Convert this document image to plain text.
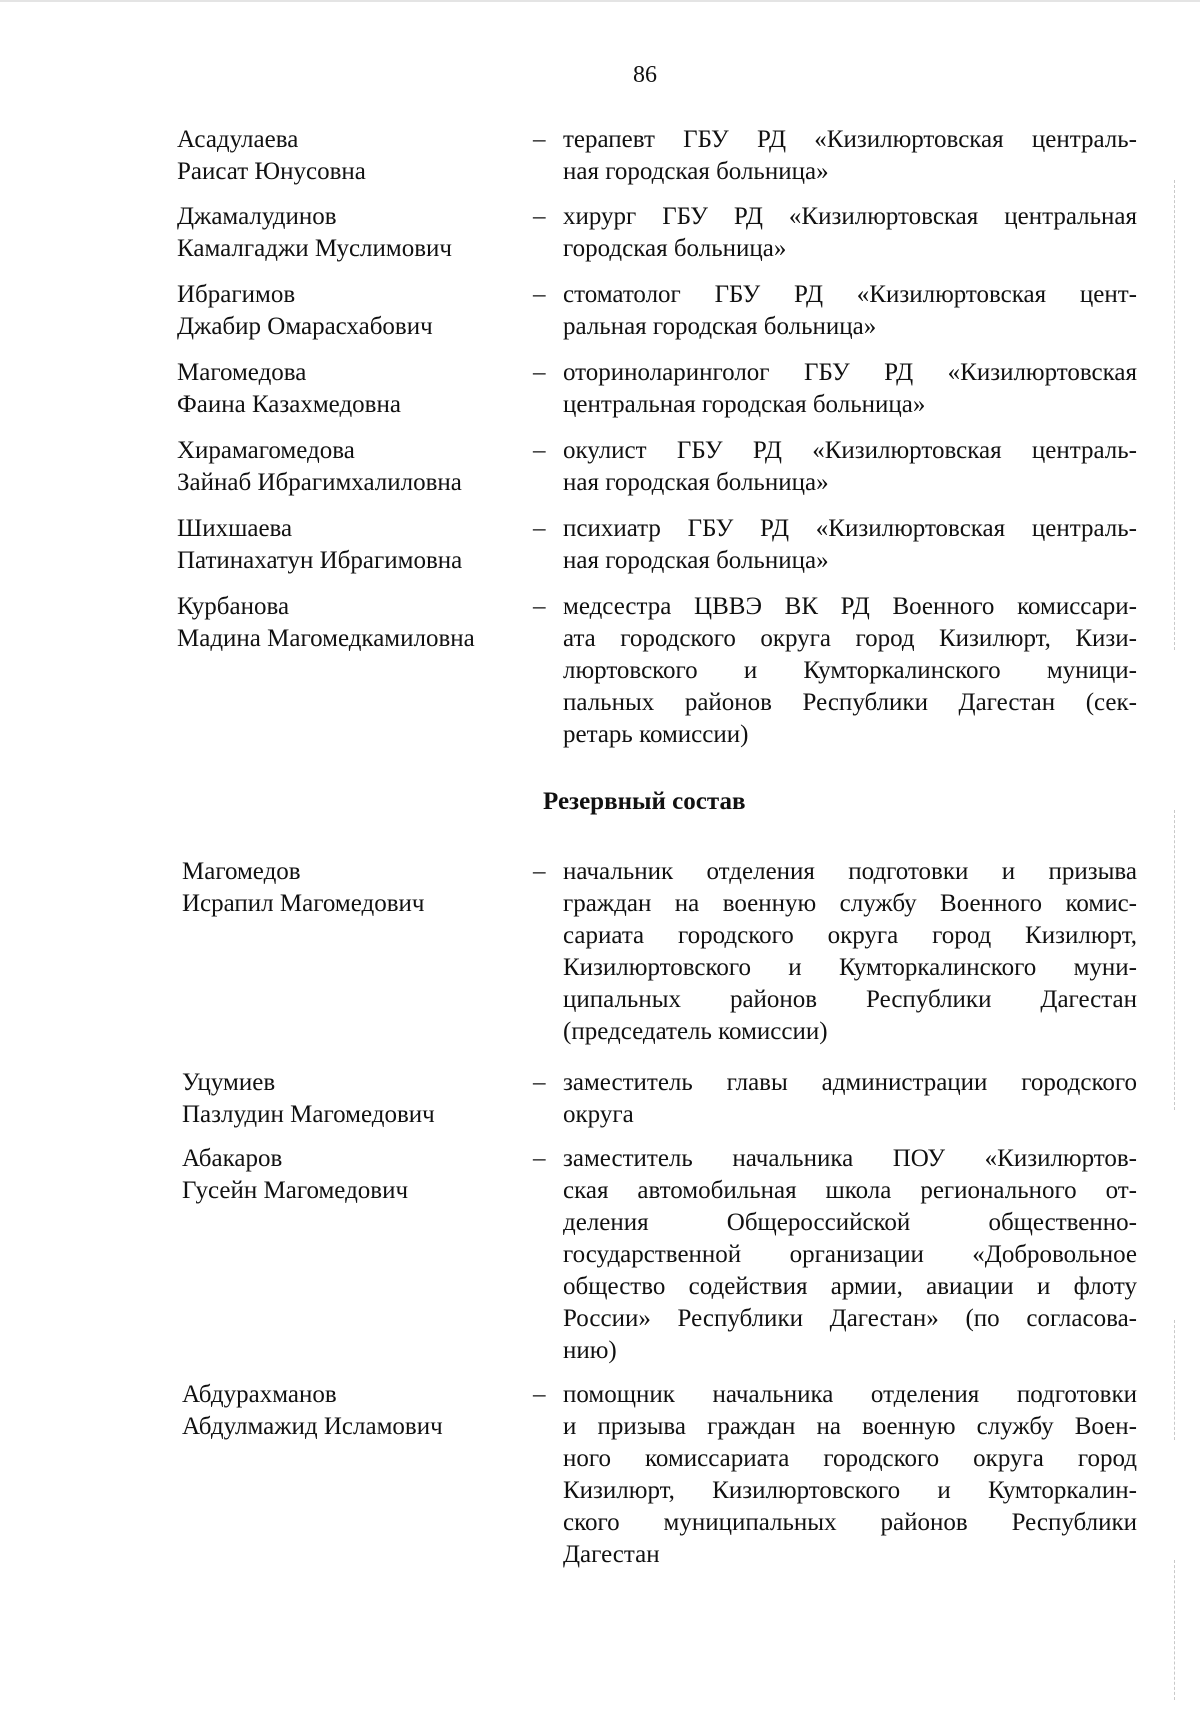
86
Асадулаева
Раисат Юнусовна
– терапевт ГБУ РД «Кизилюртовская централь-
ная городская больница»
Джамалудинов
Камалгаджи Муслимович
– хирург ГБУ РД «Кизилюртовская центральная
городская больница»
Ибрагимов
Джабир Омарасхабович
– стоматолог ГБУ РД «Кизилюртовская цент-
ральная городская больница»
Магомедова
Фаина Казахмедовна
– оториноларинголог ГБУ РД «Кизилюртовская
центральная городская больница»
Хирамагомедова
Зайнаб Ибрагимхалиловна
– окулист ГБУ РД «Кизилюртовская централь-
ная городская больница»
Шихшаева
Патинахатун Ибрагимовна
– психиатр ГБУ РД «Кизилюртовская централь-
ная городская больница»
Курбанова
Мадина Магомедкамиловна
– медсестра ЦВВЭ ВК РД Военного комиссари-
ата городского округа город Кизилюрт, Кизи-
люртовского и Кумторкалинского муници-
пальных районов Республики Дагестан (сек-
ретарь комиссии)
Резервный состав
Магомедов
Исрапил Магомедович
– начальник отделения подготовки и призыва
граждан на военную службу Военного комис-
сариата городского округа город Кизилюрт,
Кизилюртовского и Кумторкалинского муни-
ципальных районов Республики Дагестан
(председатель комиссии)
Уцумиев
Пазлудин Магомедович
– заместитель главы администрации городского
округа
Абакаров
Гусейн Магомедович
– заместитель начальника ПОУ «Кизилюртов-
ская автомобильная школа регионального от-
деления Общероссийской общественно-
государственной организации «Добровольное
общество содействия армии, авиации и флоту
России» Республики Дагестан» (по согласова-
нию)
Абдурахманов
Абдулмажид Исламович
– помощник начальника отделения подготовки
и призыва граждан на военную службу Воен-
ного комиссариата городского округа город
Кизилюрт, Кизилюртовского и Кумторкалин-
ского муниципальных районов Республики
Дагестан
